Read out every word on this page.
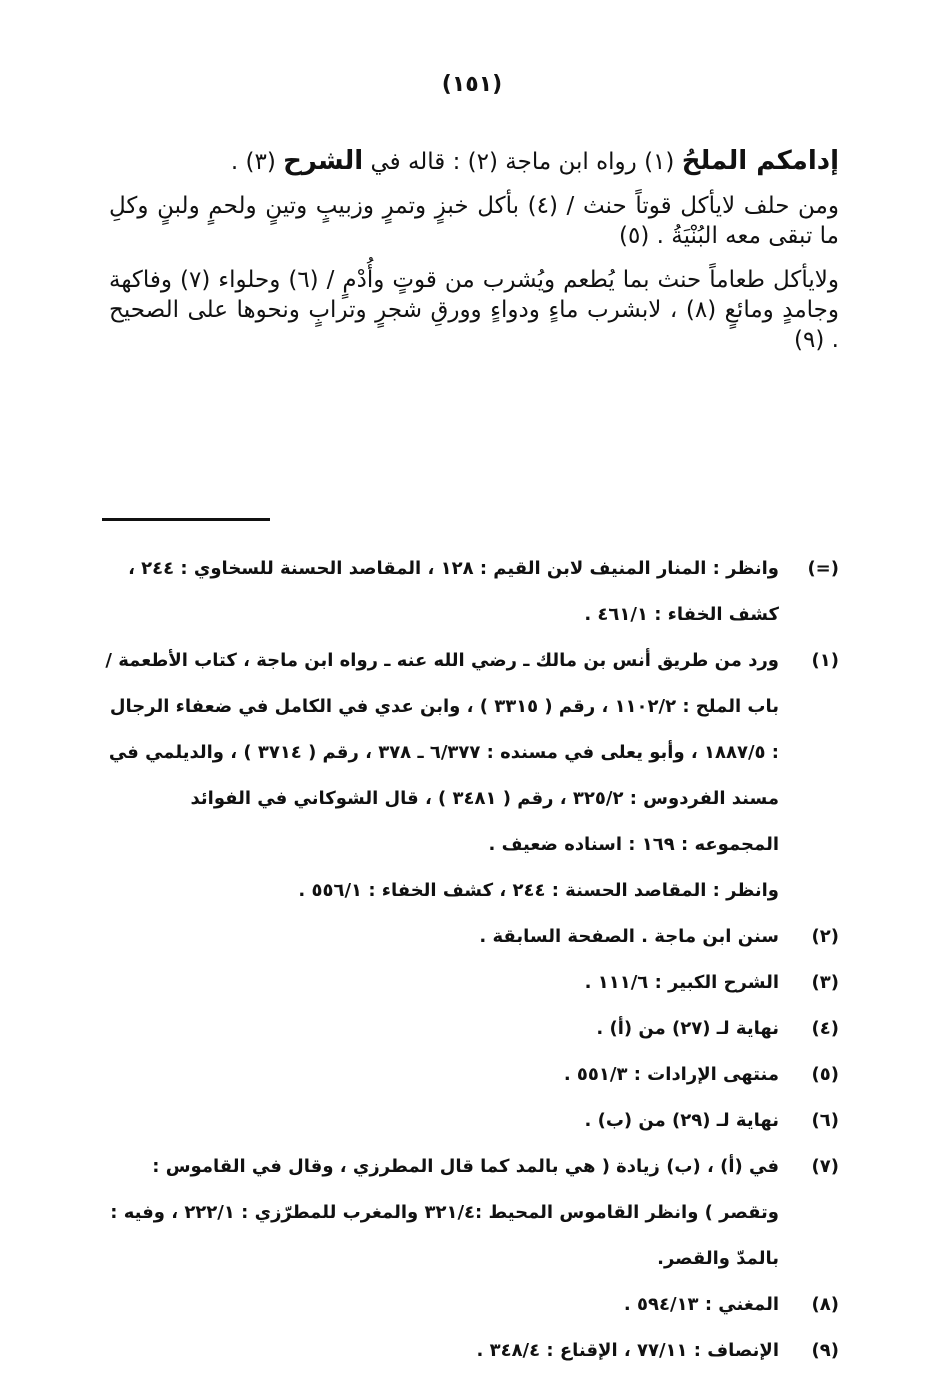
(١٥١)

إدامكم الملحُ (١) رواه ابن ماجة (٢) : قاله في الشرح (٣) .

ومن حلف لايأكل قوتاً حنث / (٤) بأكل خبزٍ وتمرٍ وزبيبٍ وتينٍ ولحمٍ ولبنٍ وكلِ ما تبقى معه البُنْيَةُ . (٥)

ولايأكل طعاماً حنث بما يُطعم ويُشرب من قوتٍ وأُدْمٍ / (٦) وحلواء (٧) وفاكهة وجامدٍ ومائعٍ (٨) ، لابشرب ماءٍ ودواءٍ وورقِ شجرٍ وترابٍ ونحوها على الصحيح . (٩)

(=)

وانظر : المنار المنيف لابن القيم : ١٢٨ ، المقاصد الحسنة للسخاوي : ٢٤٤ ، كشف الخفاء : ٤٦١/١ .

(١)

ورد من طريق أنس بن مالك ـ رضي الله عنه ـ رواه ابن ماجة ، كتاب الأطعمة / باب الملح : ١١٠٢/٢ ، رقم ( ٣٣١٥ ) ، وابن عدي في الكامل في ضعفاء الرجال : ١٨٨٧/٥ ، وأبو يعلى في مسنده : ٦/٣٧٧ ـ ٣٧٨ ، رقم ( ٣٧١٤ ) ، والديلمي في مسند الفردوس : ٣٢٥/٢ ، رقم ( ٣٤٨١ ) ، قال الشوكاني في الفوائد المجموعه : ١٦٩ : اسناده ضعيف .

وانظر : المقاصد الحسنة : ٢٤٤ ، كشف الخفاء : ٥٥٦/١ .

(٢)

سنن ابن ماجة . الصفحة السابقة .

(٣)

الشرح الكبير : ١١١/٦ .

(٤)

نهاية لـ (٢٧) من (أ) .

(٥)

منتهى الإرادات : ٥٥١/٣ .

(٦)

نهاية لـ (٢٩) من (ب) .

(٧)

في (أ) ، (ب) زيادة ( هي بالمد كما قال المطرزي ، وقال في القاموس : وتقصر ) وانظر القاموس المحيط :٣٢١/٤ والمغرب للمطرّزي : ٢٢٢/١ ، وفيه : بالمدّ والقصر.

(٨)

المغني : ٥٩٤/١٣ .

(٩)

الإنصاف : ٧٧/١١ ، الإقناع : ٣٤٨/٤ .
